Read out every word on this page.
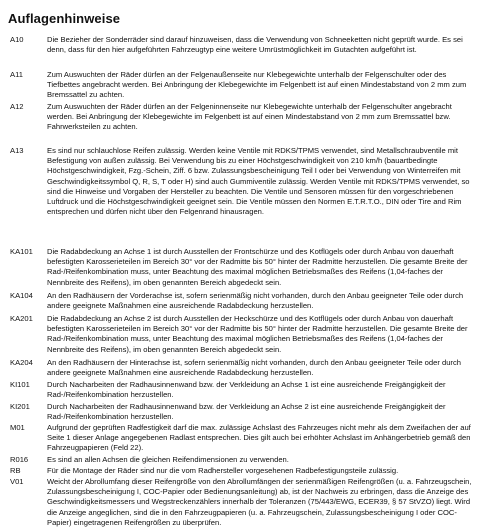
Auflagenhinweise
A10	Die Bezieher der Sonderräder sind darauf hinzuweisen, dass die Verwendung von Schneeketten nicht geprüft wurde. Es sei denn, dass für den hier aufgeführten Fahrzeugtyp eine weitere Umrüstmöglichkeit im Gutachten aufgeführt ist.
A11	Zum Auswuchten der Räder dürfen an der Felgenaußenseite nur Klebegewichte unterhalb der Felgenschulter oder des Tiefbettes angebracht werden. Bei Anbringung der Klebegewichte im Felgenbett ist auf einen Mindestabstand von 2 mm zum Bremssattel zu achten.
A12	Zum Auswuchten der Räder dürfen an der Felgeninnenseite nur Klebegewichte unterhalb der Felgenschulter angebracht werden. Bei Anbringung der Klebegewichte im Felgenbett ist auf einen Mindestabstand von 2 mm zum Bremssattel bzw. Fahrwerksteilen zu achten.
A13	Es sind nur schlauchlose Reifen zulässig. Werden keine Ventile mit RDKS/TPMS verwendet, sind Metallschraubventile mit Befestigung von außen zulässig. Bei Verwendung bis zu einer Höchstgeschwindigkeit von 210 km/h (bauartbedingte Höchstgeschwindigkeit, Fzg.-Schein, Ziff. 6 bzw. Zulassungsbescheinigung Teil I oder bei Verwendung von Winterreifen mit Geschwindigkeitssymbol Q, R, S, T oder H) sind auch Gummiventile zulässig. Werden Ventile mit RDKS/TPMS verwendet, so sind die Hinweise und Vorgaben der Hersteller zu beachten. Die Ventile und Sensoren müssen für den vorgeschriebenen Luftdruck und die Höchstgeschwindigkeit geeignet sein. Die Ventile müssen den Normen E.T.R.T.O., DIN oder Tire and Rim entsprechen und dürfen nicht über den Felgenrand hinausragen.
KA101 Die Radabdeckung an Achse 1 ist durch Ausstellen der Frontschürze und des Kotflügels oder durch Anbau von dauerhaft befestigten Karosserieteilen im Bereich 30° vor der Radmitte bis 50° hinter der Radmitte herzustellen. Die gesamte Breite der Rad-/Reifenkombination muss, unter Beachtung des maximal möglichen Betriebsmaßes des Reifens (1,04-faches der Nennbreite des Reifens), im oben genannten Bereich abgedeckt sein.
KA104 An den Radhäusern der Vorderachse ist, sofern serienmäßig nicht vorhanden, durch den Anbau geeigneter Teile oder durch andere geeignete Maßnahmen eine ausreichende Radabdeckung herzustellen.
KA201 Die Radabdeckung an Achse 2 ist durch Ausstellen der Heckschürze und des Kotflügels oder durch Anbau von dauerhaft befestigten Karosserieteilen im Bereich 30° vor der Radmitte bis 50° hinter der Radmitte herzustellen. Die gesamte Breite der Rad-/Reifenkombination muss, unter Beachtung des maximal möglichen Betriebsmaßes des Reifens (1,04-faches der Nennbreite des Reifens), im oben genannten Bereich abgedeckt sein.
KA204 An den Radhäusern der Hinterachse ist, sofern serienmäßig nicht vorhanden, durch den Anbau geeigneter Teile oder durch andere geeignete Maßnahmen eine ausreichende Radabdeckung herzustellen.
KI101 Durch Nacharbeiten der Radhausinnenwand bzw. der Verkleidung an Achse 1 ist eine ausreichende Freigängigkeit der Rad-/Reifenkombination herzustellen.
KI201 Durch Nacharbeiten der Radhausinnenwand bzw. der Verkleidung an Achse 2 ist eine ausreichende Freigängigkeit der Rad-/Reifenkombination herzustellen.
M01	Aufgrund der geprüften Radfestigkeit darf die max. zulässige Achslast des Fahrzeuges nicht mehr als dem Zweifachen der auf Seite 1 dieser Anlage angegebenen Radlast entsprechen. Dies gilt auch bei erhöhter Achslast im Anhängerbetrieb gemäß den Fahrzeugpapieren (Feld 22).
R016 Es sind an allen Achsen die gleichen Reifendimensionen zu verwenden.
RB	Für die Montage der Räder sind nur die vom Radhersteller vorgesehenen Radbefestigungsteile zulässig.
V01	Weicht der Abrollumfang dieser Reifengröße von den Abrollumfängen der serienmäßigen Reifengrößen (u. a. Fahrzeugschein, Zulassungsbescheinigung I, COC-Papier oder Bedienungsanleitung) ab, ist der Nachweis zu erbringen, dass die Anzeige des Geschwindigkeitsmessers und Wegstreckenzählers innerhalb der Toleranzen (75/443/EWG, ECER39, § 57 StVZO) liegt. Wird die Anzeige angeglichen, sind die in den Fahrzeugpapieren (u. a. Fahrzeugschein, Zulassungsbescheinigung I oder COC-Papier) eingetragenen Reifengrößen zu überprüfen.
